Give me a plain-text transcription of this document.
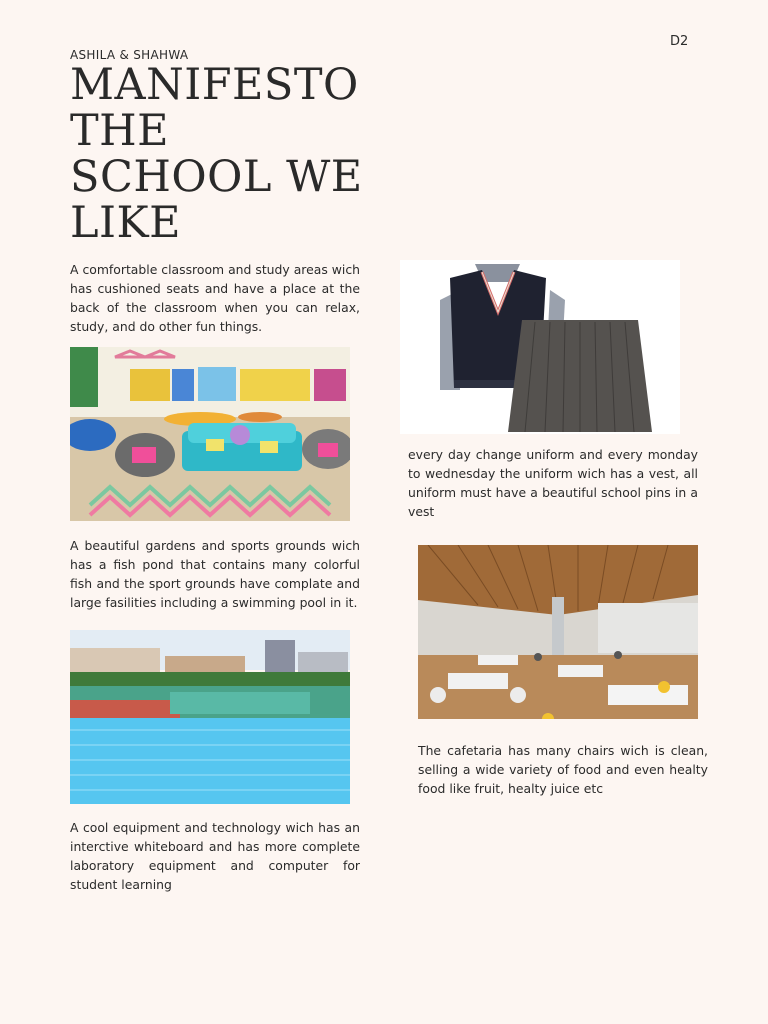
D2
ASHILA & SHAHWA
MANIFESTO
THE
SCHOOL WE
LIKE

A comfortable classroom and study areas wich has cushioned seats and have a place at the back of the classroom when you can relax, study, and do other fun things.

A beautiful gardens and sports grounds wich has a fish pond that contains many colorful fish and the sport grounds have complate and large fasilities including a swimming pool in it.

A cool equipment and technology wich has an interctive whiteboard and has more complete laboratory equipment and computer for student learning

every day change uniform and every monday to wednesday the uniform wich has a vest, all uniform must have a beautiful school pins in a vest

The cafetaria has many chairs wich is clean, selling a wide variety of food and even healty food like fruit, healty juice etc
